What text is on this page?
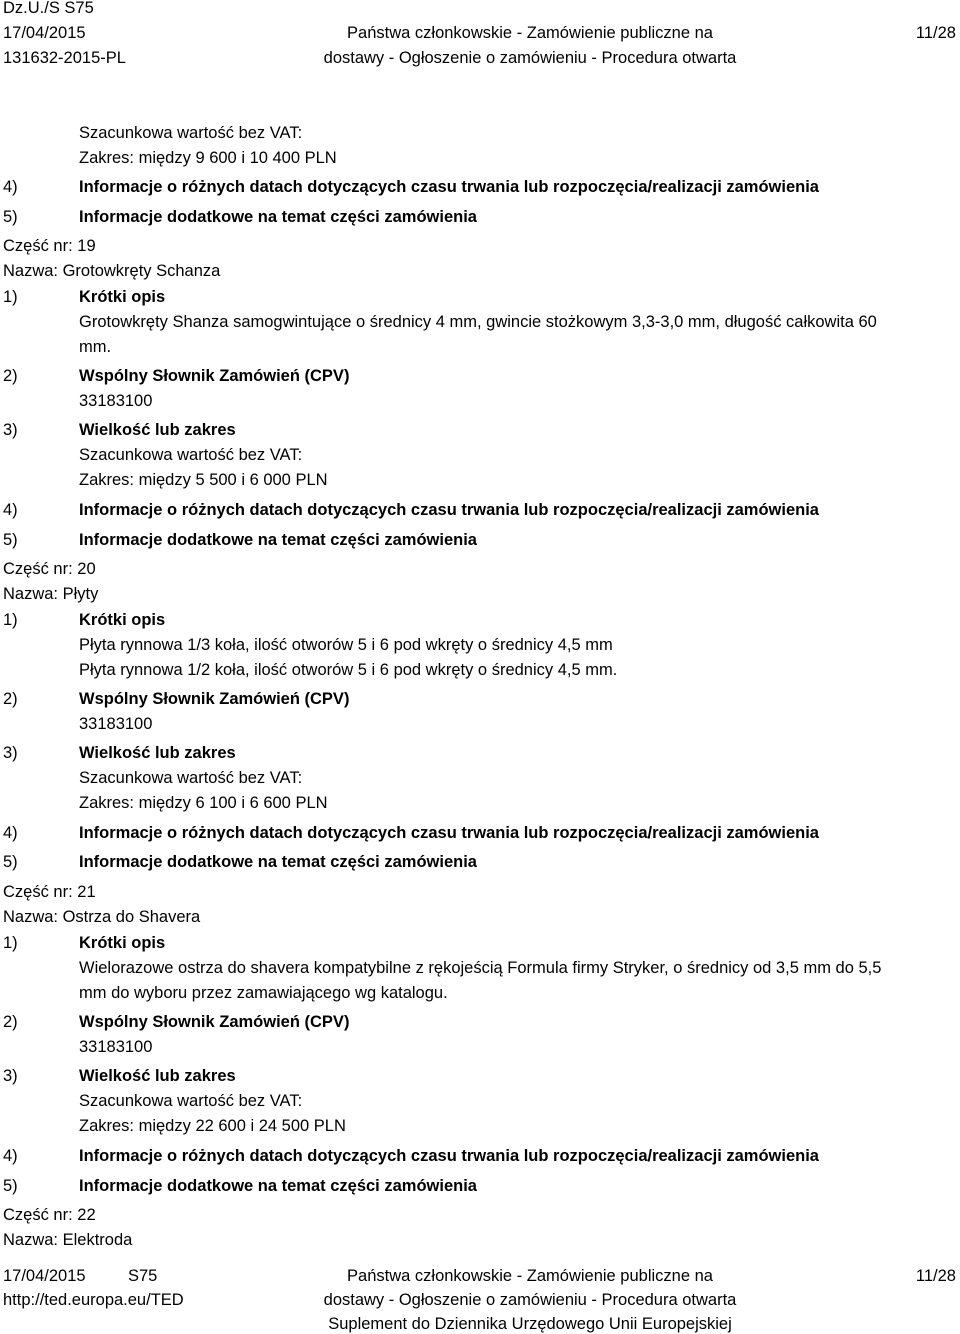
Dz.U./S S75
17/04/2015
131632-2015-PL
Państwa członkowskie - Zamówienie publiczne na
dostawy - Ogłoszenie o zamówieniu - Procedura otwarta
11/28
Szacunkowa wartość bez VAT:
Zakres: między 9 600 i 10 400 PLN
4)	Informacje o różnych datach dotyczących czasu trwania lub rozpoczęcia/realizacji zamówienia
5)	Informacje dodatkowe na temat części zamówienia
Część nr: 19
Nazwa: Grotowkręty Schanza
1)	Krótki opis
Grotowkręty Shanza samogwintujące o średnicy 4 mm, gwincie stożkowym 3,3-3,0 mm, długość całkowita 60
mm.
2)	Wspólny Słownik Zamówień (CPV)
33183100
3)	Wielkość lub zakres
Szacunkowa wartość bez VAT:
Zakres: między 5 500 i 6 000 PLN
4)	Informacje o różnych datach dotyczących czasu trwania lub rozpoczęcia/realizacji zamówienia
5)	Informacje dodatkowe na temat części zamówienia
Część nr: 20
Nazwa: Płyty
1)	Krótki opis
Płyta rynnowa 1/3 koła, ilość otworów 5 i 6 pod wkręty o średnicy 4,5 mm
Płyta rynnowa 1/2 koła, ilość otworów 5 i 6 pod wkręty o średnicy 4,5 mm.
2)	Wspólny Słownik Zamówień (CPV)
33183100
3)	Wielkość lub zakres
Szacunkowa wartość bez VAT:
Zakres: między 6 100 i 6 600 PLN
4)	Informacje o różnych datach dotyczących czasu trwania lub rozpoczęcia/realizacji zamówienia
5)	Informacje dodatkowe na temat części zamówienia
Część nr: 21
Nazwa: Ostrza do Shavera
1)	Krótki opis
Wielorazowe ostrza do shavera kompatybilne z rękojeścią Formula firmy Stryker, o średnicy od 3,5 mm do 5,5
mm do wyboru przez zamawiającego wg katalogu.
2)	Wspólny Słownik Zamówień (CPV)
33183100
3)	Wielkość lub zakres
Szacunkowa wartość bez VAT:
Zakres: między 22 600 i 24 500 PLN
4)	Informacje o różnych datach dotyczących czasu trwania lub rozpoczęcia/realizacji zamówienia
5)	Informacje dodatkowe na temat części zamówienia
Część nr: 22
Nazwa: Elektroda
17/04/2015	S75
http://ted.europa.eu/TED
Państwa członkowskie - Zamówienie publiczne na
dostawy - Ogłoszenie o zamówieniu - Procedura otwarta
Suplement do Dziennika Urzędowego Unii Europejskiej
11/28
